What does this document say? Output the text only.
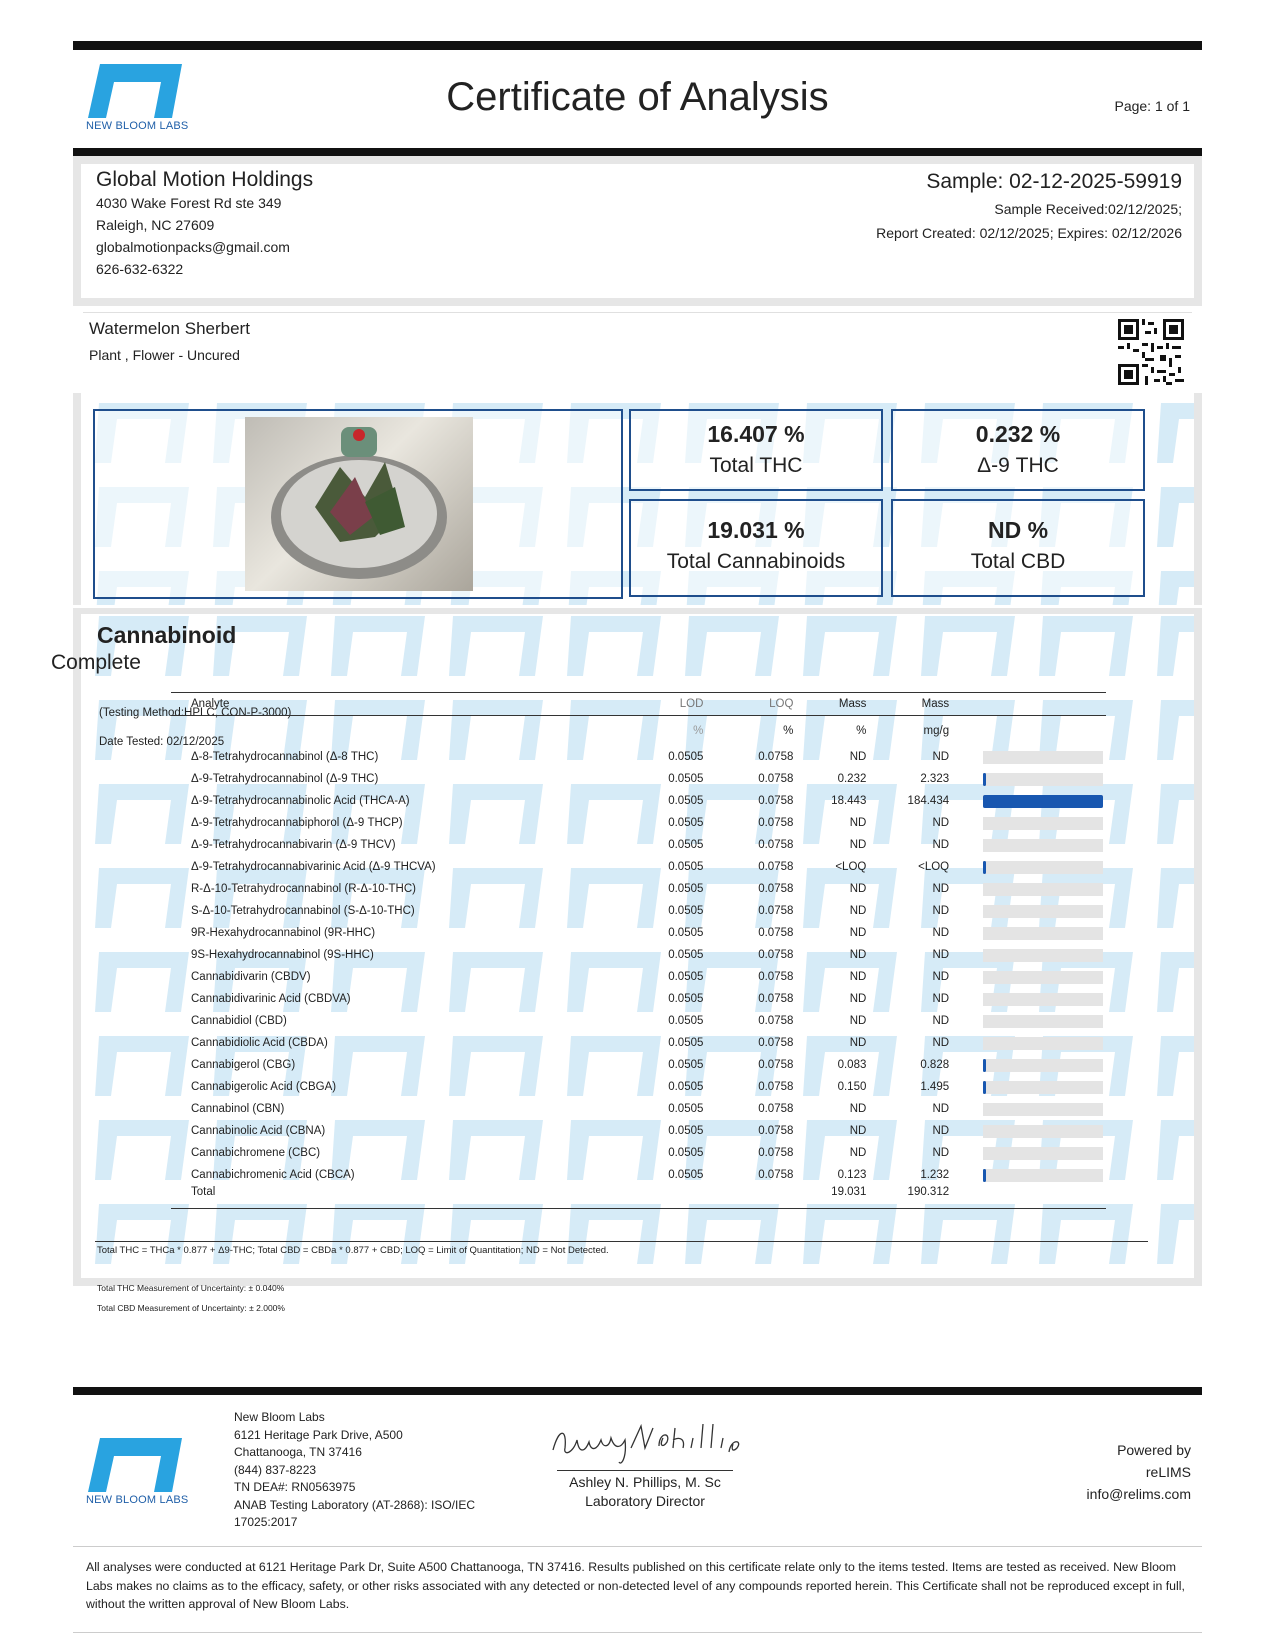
NEW BLOOM LABS
Certificate of Analysis	Page: 1 of 1
Global Motion Holdings
4030 Wake Forest Rd ste 349
Raleigh, NC 27609
globalmotionpacks@gmail.com
626-632-6322
Sample: 02-12-2025-59919
Sample Received:02/12/2025;
Report Created: 02/12/2025; Expires: 02/12/2026
Watermelon Sherbert
Plant , Flower - Uncured
16.407 %
Total THC
0.232 %
Δ-9 THC
19.031 %
Total Cannabinoids
ND %
Total CBD
Cannabinoid
Complete
(Testing Method:HPLC, CON-P-3000)
Date Tested: 02/12/2025
Analyte	LOD	LOQ	Mass	Mass	
	%	%	%	mg/g	
Δ-8-Tetrahydrocannabinol (Δ-8 THC)	0.0505	0.0758	ND	ND	

Δ-9-Tetrahydrocannabinol (Δ-9 THC)	0.0505	0.0758	0.232	2.323	

Δ-9-Tetrahydrocannabinolic Acid (THCA-A)	0.0505	0.0758	18.443	184.434	

Δ-9-Tetrahydrocannabiphorol (Δ-9 THCP)	0.0505	0.0758	ND	ND	

Δ-9-Tetrahydrocannabivarin (Δ-9 THCV)	0.0505	0.0758	ND	ND	

Δ-9-Tetrahydrocannabivarinic Acid (Δ-9 THCVA)	0.0505	0.0758	<LOQ	<LOQ	

R-Δ-10-Tetrahydrocannabinol (R-Δ-10-THC)	0.0505	0.0758	ND	ND	

S-Δ-10-Tetrahydrocannabinol (S-Δ-10-THC)	0.0505	0.0758	ND	ND	

9R-Hexahydrocannabinol (9R-HHC)	0.0505	0.0758	ND	ND	

9S-Hexahydrocannabinol (9S-HHC)	0.0505	0.0758	ND	ND	

Cannabidivarin (CBDV)	0.0505	0.0758	ND	ND	

Cannabidivarinic Acid (CBDVA)	0.0505	0.0758	ND	ND	

Cannabidiol (CBD)	0.0505	0.0758	ND	ND	

Cannabidiolic Acid (CBDA)	0.0505	0.0758	ND	ND	

Cannabigerol (CBG)	0.0505	0.0758	0.083	0.828	

Cannabigerolic Acid (CBGA)	0.0505	0.0758	0.150	1.495	

Cannabinol (CBN)	0.0505	0.0758	ND	ND	

Cannabinolic Acid (CBNA)	0.0505	0.0758	ND	ND	

Cannabichromene (CBC)	0.0505	0.0758	ND	ND	

Cannabichromenic Acid (CBCA)	0.0505	0.0758	0.123	1.232	

Total			19.031	190.312	
Total THC = THCa * 0.877 + Δ9-THC; Total CBD = CBDa * 0.877 + CBD; LOQ = Limit of Quantitation; ND = Not Detected.
Total THC Measurement of Uncertainty: ± 0.040%
Total CBD Measurement of Uncertainty: ± 2.000%
NEW BLOOM LABS
New Bloom Labs
6121 Heritage Park Drive, A500
Chattanooga, TN 37416
(844) 837-8223
TN DEA#: RN0563975
ANAB Testing Laboratory (AT-2868): ISO/IEC
17025:2017
Ashley N. Phillips, M. Sc
Laboratory Director
Powered by
reLIMS
info@relims.com
All analyses were conducted at 6121 Heritage Park Dr, Suite A500 Chattanooga, TN 37416. Results published on this certificate relate only to the items tested. Items are tested as received. New Bloom Labs makes no claims as to the efficacy, safety, or other risks associated with any detected or non-detected level of any compounds reported herein. This Certificate shall not be reproduced except in full, without the written approval of New Bloom Labs.
